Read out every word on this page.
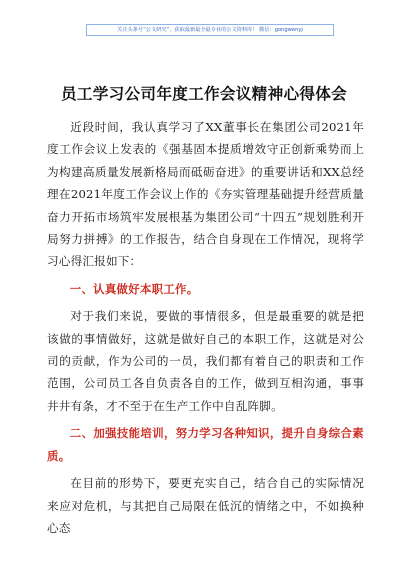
关注头条号“公文研究”，获取最新最全最专业的公文资料库！ 微信：gongwenyj
员工学习公司年度工作会议精神心得体会

近段时间，我认真学习了XX董事长在集团公司2021年度工作会议上发表的《强基固本提质增效守正创新乘势而上为构建高质量发展新格局而砥砺奋进》的重要讲话和XX总经理在2021年度工作会议上作的《夯实管理基础提升经营质量奋力开拓市场筑牢发展根基为集团公司“十四五”规划胜利开局努力拼搏》的工作报告，结合自身现在工作情况，现将学习心得汇报如下：

一、认真做好本职工作。

对于我们来说，要做的事情很多，但是最重要的就是把该做的事情做好，这就是做好自己的本职工作，这就是对公司的贡献，作为公司的一员，我们都有着自己的职责和工作范围，公司员工各自负责各自的工作，做到互相沟通，事事井井有条，才不至于在生产工作中自乱阵脚。

二、加强技能培训，努力学习各种知识，提升自身综合素质。

在目前的形势下，要更充实自己，结合自己的实际情况来应对危机，与其把自己局限在低沉的情绪之中，不如换种心态
